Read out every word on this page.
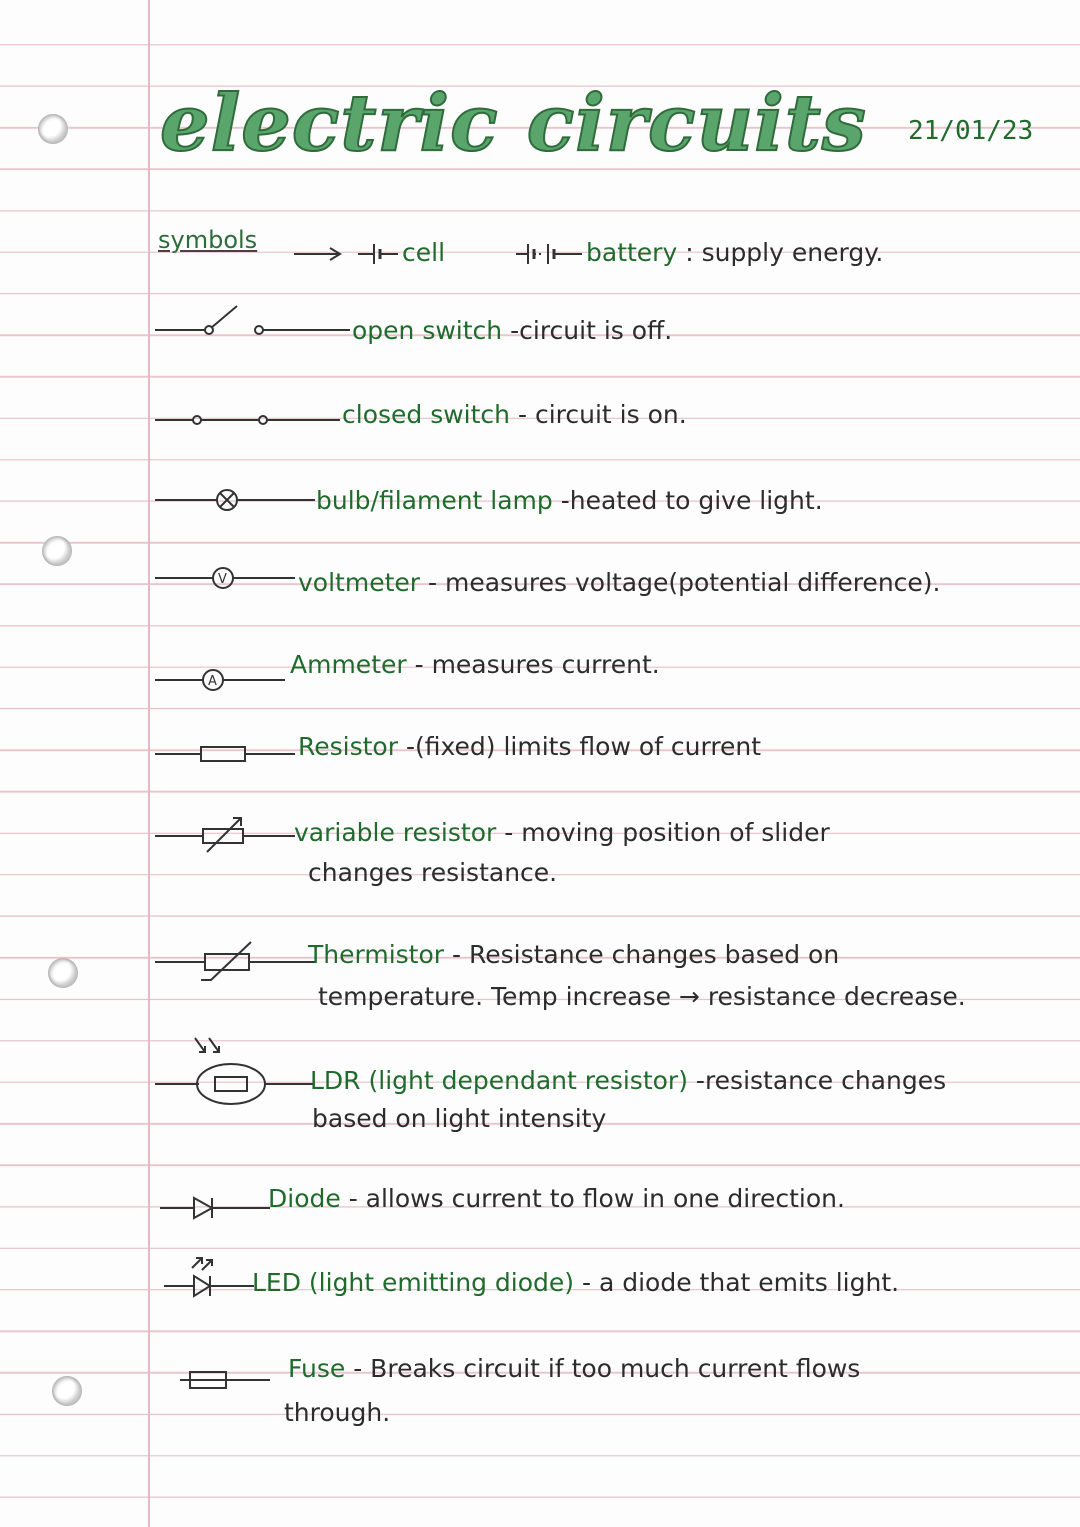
electric circuits 21/01/23
symbols	cell	battery : supply energy.
open switch -circuit is off.
closed switch - circuit is on.
bulb/filament lamp -heated to give light.
V	voltmeter - measures voltage(potential difference).
A
Ammeter - measures current.
Resistor -(fixed) limits flow of current
variable resistor - moving position of slider
changes resistance.
Thermistor - Resistance changes based on
temperature. Temp increase → resistance decrease.
LDR (light dependant resistor) -resistance changes
based on light intensity
Diode - allows current to flow in one direction.
LED (light emitting diode) - a diode that emits light.
Fuse - Breaks circuit if too much current flows
through.
